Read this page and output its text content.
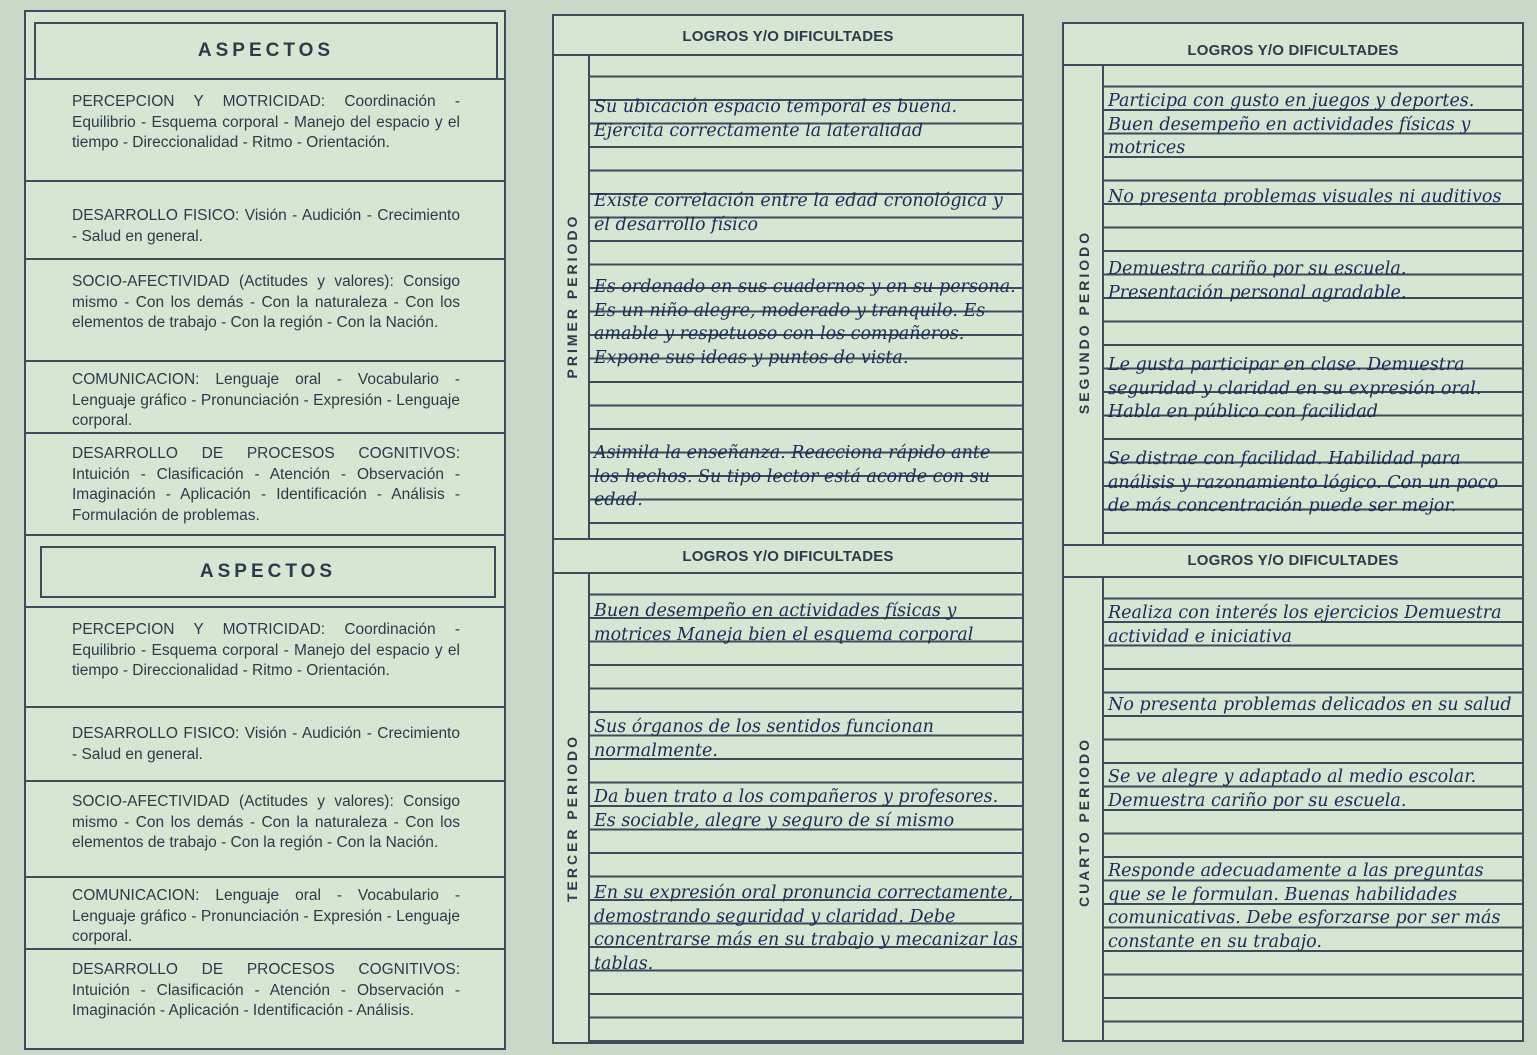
ASPECTOS
PERCEPCION Y MOTRICIDAD: Coordinación - Equilibrio - Esquema corporal - Manejo del espacio y el tiempo - Direccionalidad - Ritmo - Orientación.
DESARROLLO FISICO: Visión - Audición - Crecimiento - Salud en general.
SOCIO-AFECTIVIDAD (Actitudes y valores): Consigo mismo - Con los demás - Con la naturaleza - Con los elementos de trabajo - Con la región - Con la Nación.
COMUNICACION: Lenguaje oral - Vocabulario - Lenguaje gráfico - Pronunciación - Expresión - Lenguaje corporal.
DESARROLLO DE PROCESOS COGNITIVOS: Intuición - Clasificación - Atención - Observación - Imaginación - Aplicación - Identificación - Análisis - Formulación de problemas.
ASPECTOS
PERCEPCION Y MOTRICIDAD: Coordinación - Equilibrio - Esquema corporal - Manejo del espacio y el tiempo - Direccionalidad - Ritmo - Orientación.
DESARROLLO FISICO: Visión - Audición - Crecimiento - Salud en general.
SOCIO-AFECTIVIDAD (Actitudes y valores): Consigo mismo - Con los demás - Con la naturaleza - Con los elementos de trabajo - Con la región - Con la Nación.
COMUNICACION: Lenguaje oral - Vocabulario - Lenguaje gráfico - Pronunciación - Expresión - Lenguaje corporal.
DESARROLLO DE PROCESOS COGNITIVOS: Intuición - Clasificación - Atención - Observación - Imaginación - Aplicación - Identificación - Análisis.
LOGROS Y/O DIFICULTADES
PRIMER PERIODO
Su ubicación espacio temporal es buena. Ejercita correctamente la lateralidad
Existe correlación entre la edad cronológica y el desarrollo físico
Es ordenado en sus cuadernos y en su persona. Es un niño alegre, moderado y tranquilo. Es amable y respetuoso con los compañeros. Expone sus ideas y puntos de vista.
Asimila la enseñanza. Reacciona rápido ante los hechos. Su tipo lector está acorde con su edad.
LOGROS Y/O DIFICULTADES
TERCER PERIODO
Buen desempeño en actividades físicas y motrices Maneja bien el esquema corporal
Sus órganos de los sentidos funcionan normalmente.
Da buen trato a los compañeros y profesores. Es sociable, alegre y seguro de sí mismo
En su expresión oral pronuncia correctamente, demostrando seguridad y claridad. Debe concentrarse más en su trabajo y mecanizar las tablas.
LOGROS Y/O DIFICULTADES
SEGUNDO PERIODO
Participa con gusto en juegos y deportes. Buen desempeño en actividades físicas y motrices
No presenta problemas visuales ni auditivos
Demuestra cariño por su escuela. Presentación personal agradable.
Le gusta participar en clase. Demuestra seguridad y claridad en su expresión oral. Habla en público con facilidad
Se distrae con facilidad. Habilidad para análisis y razonamiento lógico. Con un poco de más concentración puede ser mejor.
LOGROS Y/O DIFICULTADES
CUARTO PERIODO
Realiza con interés los ejercicios Demuestra actividad e iniciativa
No presenta problemas delicados en su salud
Se ve alegre y adaptado al medio escolar. Demuestra cariño por su escuela.
Responde adecuadamente a las preguntas que se le formulan. Buenas habilidades comunicativas. Debe esforzarse por ser más constante en su trabajo.
